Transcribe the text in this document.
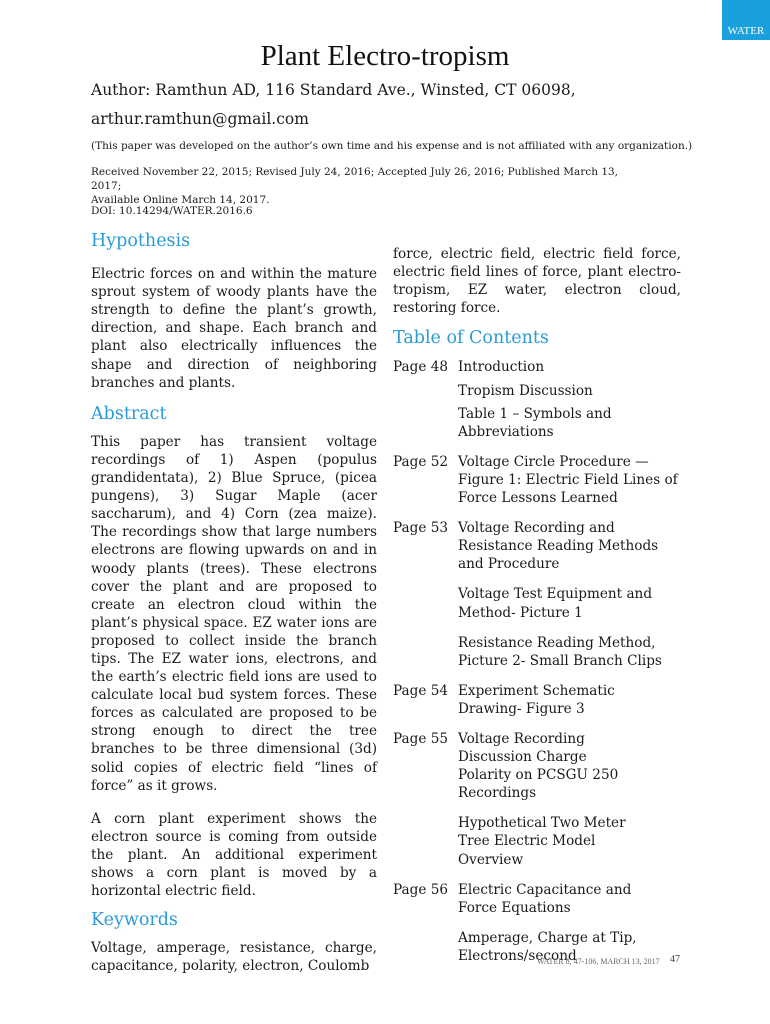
WATER
Plant Electro-tropism

Author: Ramthun AD, 116 Standard Ave., Winsted, CT 06098,

arthur.ramthun@gmail.com

(This paper was developed on the author’s own time and his expense and is not affiliated with any organization.)

Received November 22, 2015; Revised July 24, 2016; Accepted July 26, 2016; Published March 13, 2017;
Available Online March 14, 2017.

DOI: 10.14294/WATER.2016.6

Hypothesis

Electric forces on and within the mature sprout system of woody plants have the strength to define the plant’s growth, direction, and shape. Each branch and plant also electrically influences the shape and direction of neighboring branches and plants.

Abstract

This paper has transient voltage recordings of 1) Aspen (populus grandidentata), 2) Blue Spruce, (picea pungens), 3) Sugar Maple (acer saccharum), and 4) Corn (zea maize). The recordings show that large numbers electrons are flowing upwards on and in woody plants (trees). These electrons cover the plant and are proposed to create an electron cloud within the plant’s physical space. EZ water ions are proposed to collect inside the branch tips. The EZ water ions, electrons, and the earth’s electric field ions are used to calculate local bud system forces. These forces as calculated are proposed to be strong enough to direct the tree branches to be three dimensional (3d) solid copies of electric field “lines of force” as it grows.

A corn plant experiment shows the electron source is coming from outside the plant. An additional experiment shows a corn plant is moved by a horizontal electric field.

Keywords

Voltage, amperage, resistance, charge, capacitance, polarity, electron, Coulomb

force, electric field, electric field force, electric field lines of force, plant electro-tropism, EZ water, electron cloud, restoring force.

Table of Contents
Page 48 Introduction
Tropism Discussion
Table 1 – Symbols and Abbreviations
Page 52 Voltage Circle Procedure — Figure 1: Electric Field Lines of Force Lessons Learned
Page 53 Voltage Recording and Resistance Reading Methods and Procedure
Voltage Test Equipment and Method- Picture 1
Resistance Reading Method, Picture 2- Small Branch Clips
Page 54 Experiment Schematic Drawing- Figure 3
Page 55 Voltage Recording Discussion Charge Polarity on PCSGU 250 Recordings
Hypothetical Two Meter Tree Electric Model Overview
Page 56 Electric Capacitance and Force Equations
Amperage, Charge at Tip, Electrons/second
WATER 8, 47-106, MARCH 13, 2017 47
